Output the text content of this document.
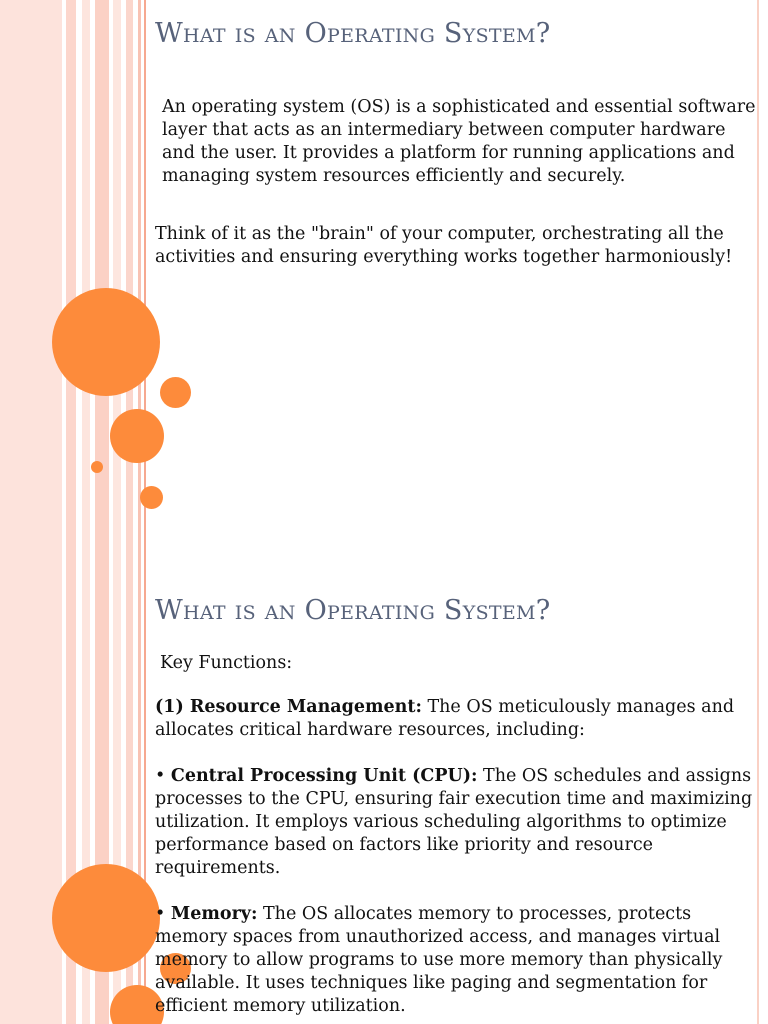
What is an Operating System?
An operating system (OS) is a sophisticated and essential software layer that acts as an intermediary between computer hardware and the user. It provides a platform for running applications and managing system resources efficiently and securely.
Think of it as the "brain" of your computer, orchestrating all the activities and ensuring everything works together harmoniously!
What is an Operating System?
Key Functions:
(1) Resource Management: The OS meticulously manages and allocates critical hardware resources, including:
• Central Processing Unit (CPU): The OS schedules and assigns processes to the CPU, ensuring fair execution time and maximizing utilization. It employs various scheduling algorithms to optimize performance based on factors like priority and resource requirements.
• Memory: The OS allocates memory to processes, protects memory spaces from unauthorized access, and manages virtual memory to allow programs to use more memory than physically available. It uses techniques like paging and segmentation for efficient memory utilization.
